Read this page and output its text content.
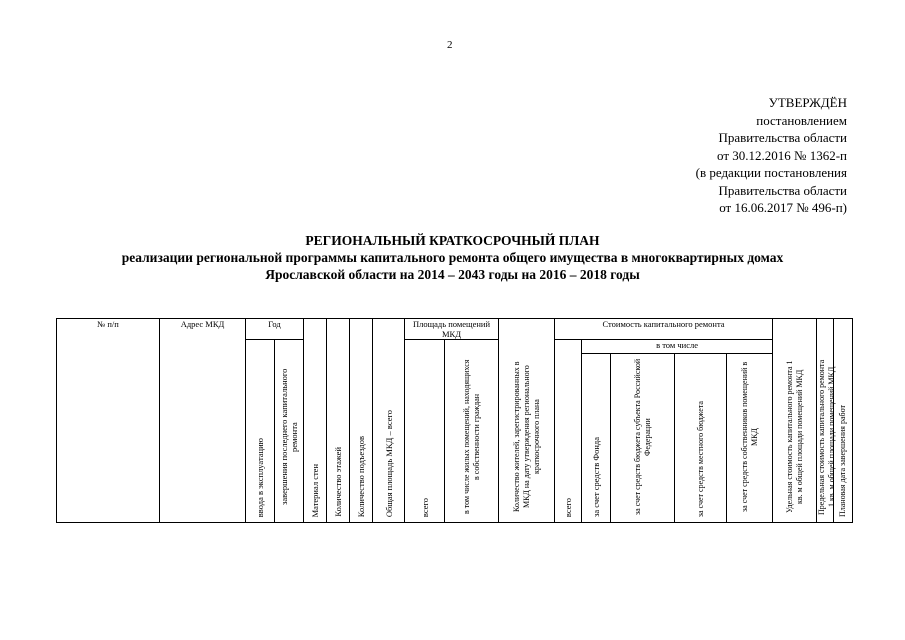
2
УТВЕРЖДЁН
постановлением
Правительства области
от 30.12.2016 № 1362-п
(в редакции постановления
Правительства области
от 16.06.2017 № 496-п)
РЕГИОНАЛЬНЫЙ КРАТКОСРОЧНЫЙ ПЛАН
реализации региональной программы капитального ремонта общего имущества в многоквартирных домах
Ярославской области на 2014 – 2043 годы на 2016 – 2018 годы
№ п/п	Адрес МКД	Год		Материал стен	Количество этажей	Количество подъездов	Общая площадь МКД – всего	Площадь помещений МКД		Количество жителей, зарегистрированных в МКД на дату утверждения регионального краткосрочного плана	Стоимость капитального ремонта					Удельная стоимость капитального ремонта 1 кв. м общей площади помещений МКД	Предельная стоимость капитального ремонта 1 кв. м общей площади помещений МКД	Плановая дата завершения работ
		ввода в эксплуатацию	завершения последнего капитального ремонта					всего	в том числе жилых помещений, находящихся в собственности граждан		всего	в том числе						
												за счет средств Фонда	за счет средств бюджета субъекта Российской Федерации	за счет средств местного бюджета	за счет средств собственников помещений в МКД			
